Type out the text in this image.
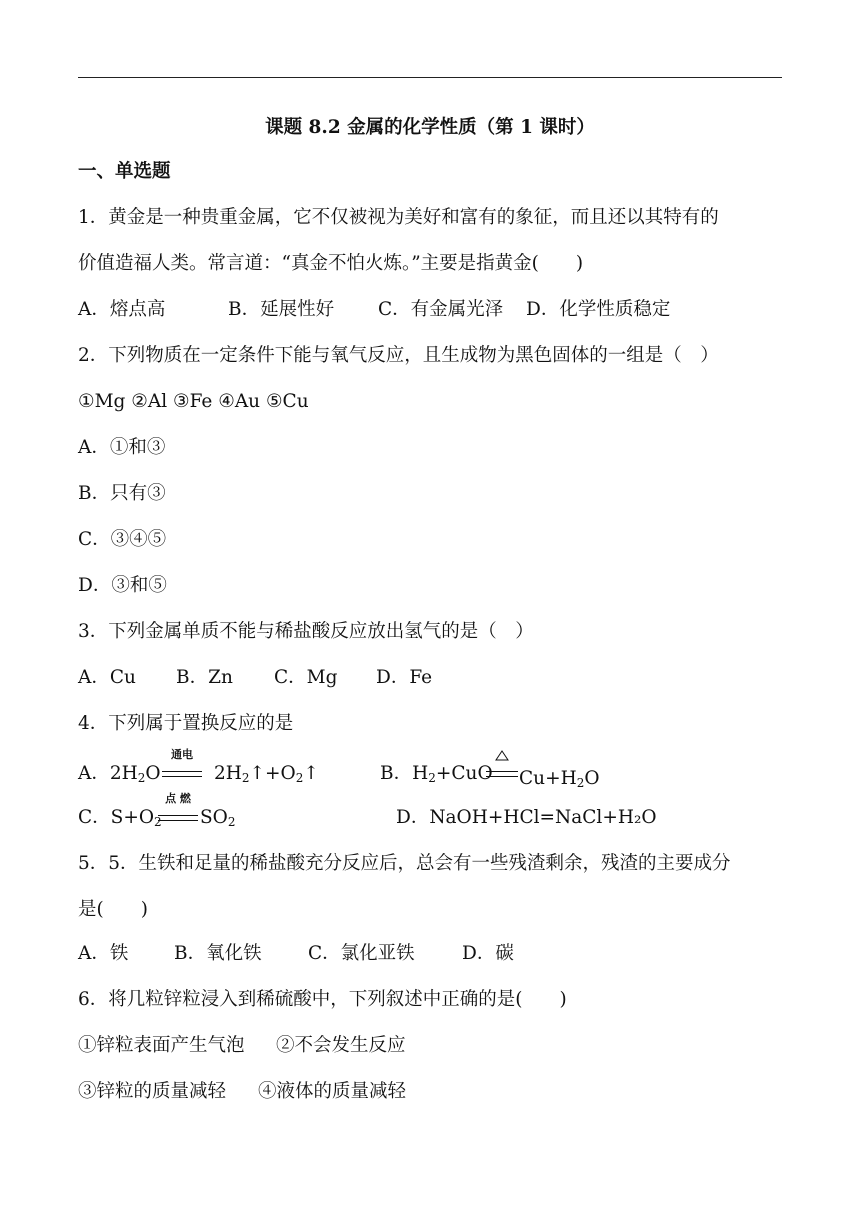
课题 8.2 金属的化学性质（第 1 课时）
一、单选题
1．黄金是一种贵重金属，它不仅被视为美好和富有的象征，而且还以其特有的
价值造福人类。常言道：“真金不怕火炼。”主要是指黄金(　　)
A．熔点高	B．延展性好 C．有金属光泽 D．化学性质稳定
2．下列物质在一定条件下能与氧气反应，且生成物为黑色固体的一组是（　）
①Mg ②Al ③Fe ④Au ⑤Cu
A．①和③
B．只有③
C．③④⑤
D．③和⑤
3．下列金属单质不能与稀盐酸反应放出氢气的是（　）
A．Cu B．Zn C．Mg D．Fe
4．下列属于置换反应的是
A．$2H_2O$
通电
$2H_2↑+O_2↑$	B．$H_2+CuO$ $Cu+H_2O$
C．$S+O_2$
点 燃
$SO_2$	D．NaOH+HCl=NaCl+H₂O
5．5．生铁和足量的稀盐酸充分反应后，总会有一些残渣剩余，残渣的主要成分
是(　　)
A．铁 B．氧化铁	C．氯化亚铁	D．碳
6．将几粒锌粒浸入到稀硫酸中，下列叙述中正确的是(　　)
①锌粒表面产生气泡 ②不会发生反应
③锌粒的质量减轻 ④液体的质量减轻
